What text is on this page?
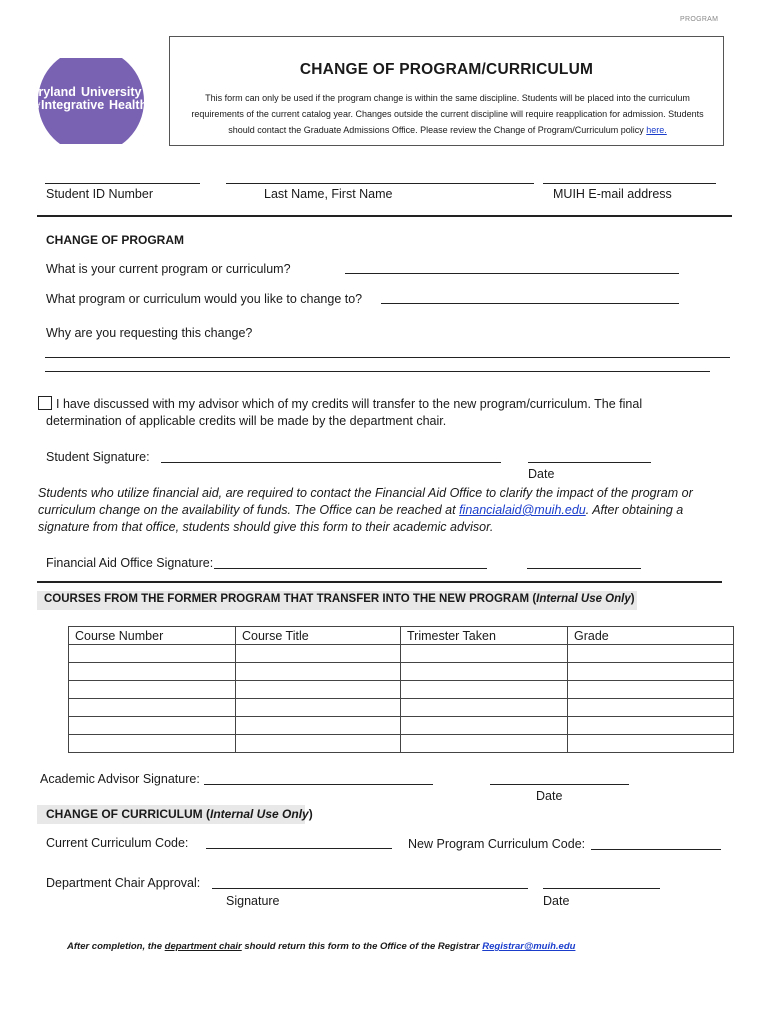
PROGRAM
Maryland University
of Integrative Health
CHANGE OF PROGRAM/CURRICULUM
This form can only be used if the program change is within the same discipline. Students will be placed into the curriculum requirements of the current catalog year. Changes outside the current discipline will require reapplication for admission. Students should contact the Graduate Admissions Office. Please review the Change of Program/Curriculum policy here.
Student ID Number	Last Name, First Name	MUIH E-mail address
CHANGE OF PROGRAM
What is your current program or curriculum?
What program or curriculum would you like to change to?
Why are you requesting this change?
I have discussed with my advisor which of my credits will transfer to the new program/curriculum. The final
determination of applicable credits will be made by the department chair.
Student Signature:
Date
Students who utilize financial aid, are required to contact the Financial Aid Office to clarify the impact of the program or
curriculum change on the availability of funds. The Office can be reached at financialaid@muih.edu. After obtaining a
signature from that office, students should give this form to their academic advisor.
Financial Aid Office Signature:
COURSES FROM THE FORMER PROGRAM THAT TRANSFER INTO THE NEW PROGRAM (Internal Use Only)
Course Number	Course Title	Trimester Taken	Grade

Academic Advisor Signature:
Date
CHANGE OF CURRICULUM (Internal Use Only)
Current Curriculum Code:	New Program Curriculum Code:
Department Chair Approval:
Signature	Date
After completion, the department chair should return this form to the Office of the Registrar Registrar@muih.edu
